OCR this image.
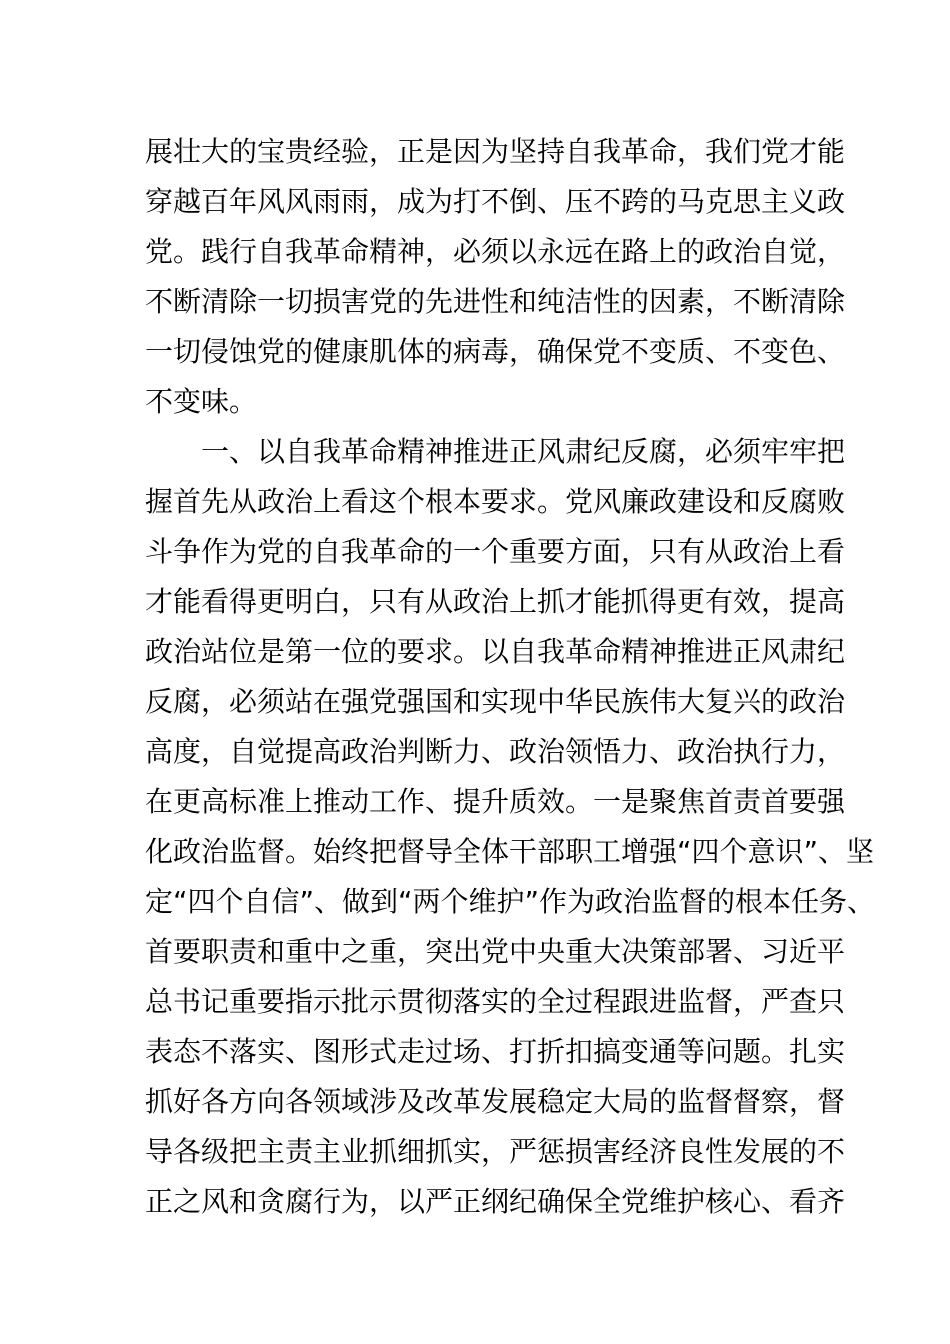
展壮大的宝贵经验，正是因为坚持自我革命，我们党才能
穿越百年风风雨雨，成为打不倒、压不跨的马克思主义政
党。践行自我革命精神，必须以永远在路上的政治自觉，
不断清除一切损害党的先进性和纯洁性的因素，不断清除
一切侵蚀党的健康肌体的病毒，确保党不变质、不变色、
不变味。
　　一、以自我革命精神推进正风肃纪反腐，必须牢牢把
握首先从政治上看这个根本要求。党风廉政建设和反腐败
斗争作为党的自我革命的一个重要方面，只有从政治上看
才能看得更明白，只有从政治上抓才能抓得更有效，提高
政治站位是第一位的要求。以自我革命精神推进正风肃纪
反腐，必须站在强党强国和实现中华民族伟大复兴的政治
高度，自觉提高政治判断力、政治领悟力、政治执行力，
在更高标准上推动工作、提升质效。一是聚焦首责首要强
化政治监督。始终把督导全体干部职工增强“四个意识”、坚
定“四个自信”、做到“两个维护”作为政治监督的根本任务、
首要职责和重中之重，突出党中央重大决策部署、习近平
总书记重要指示批示贯彻落实的全过程跟进监督，严查只
表态不落实、图形式走过场、打折扣搞变通等问题。扎实
抓好各方向各领域涉及改革发展稳定大局的监督督察，督
导各级把主责主业抓细抓实，严惩损害经济良性发展的不
正之风和贪腐行为，以严正纲纪确保全党维护核心、看齐
